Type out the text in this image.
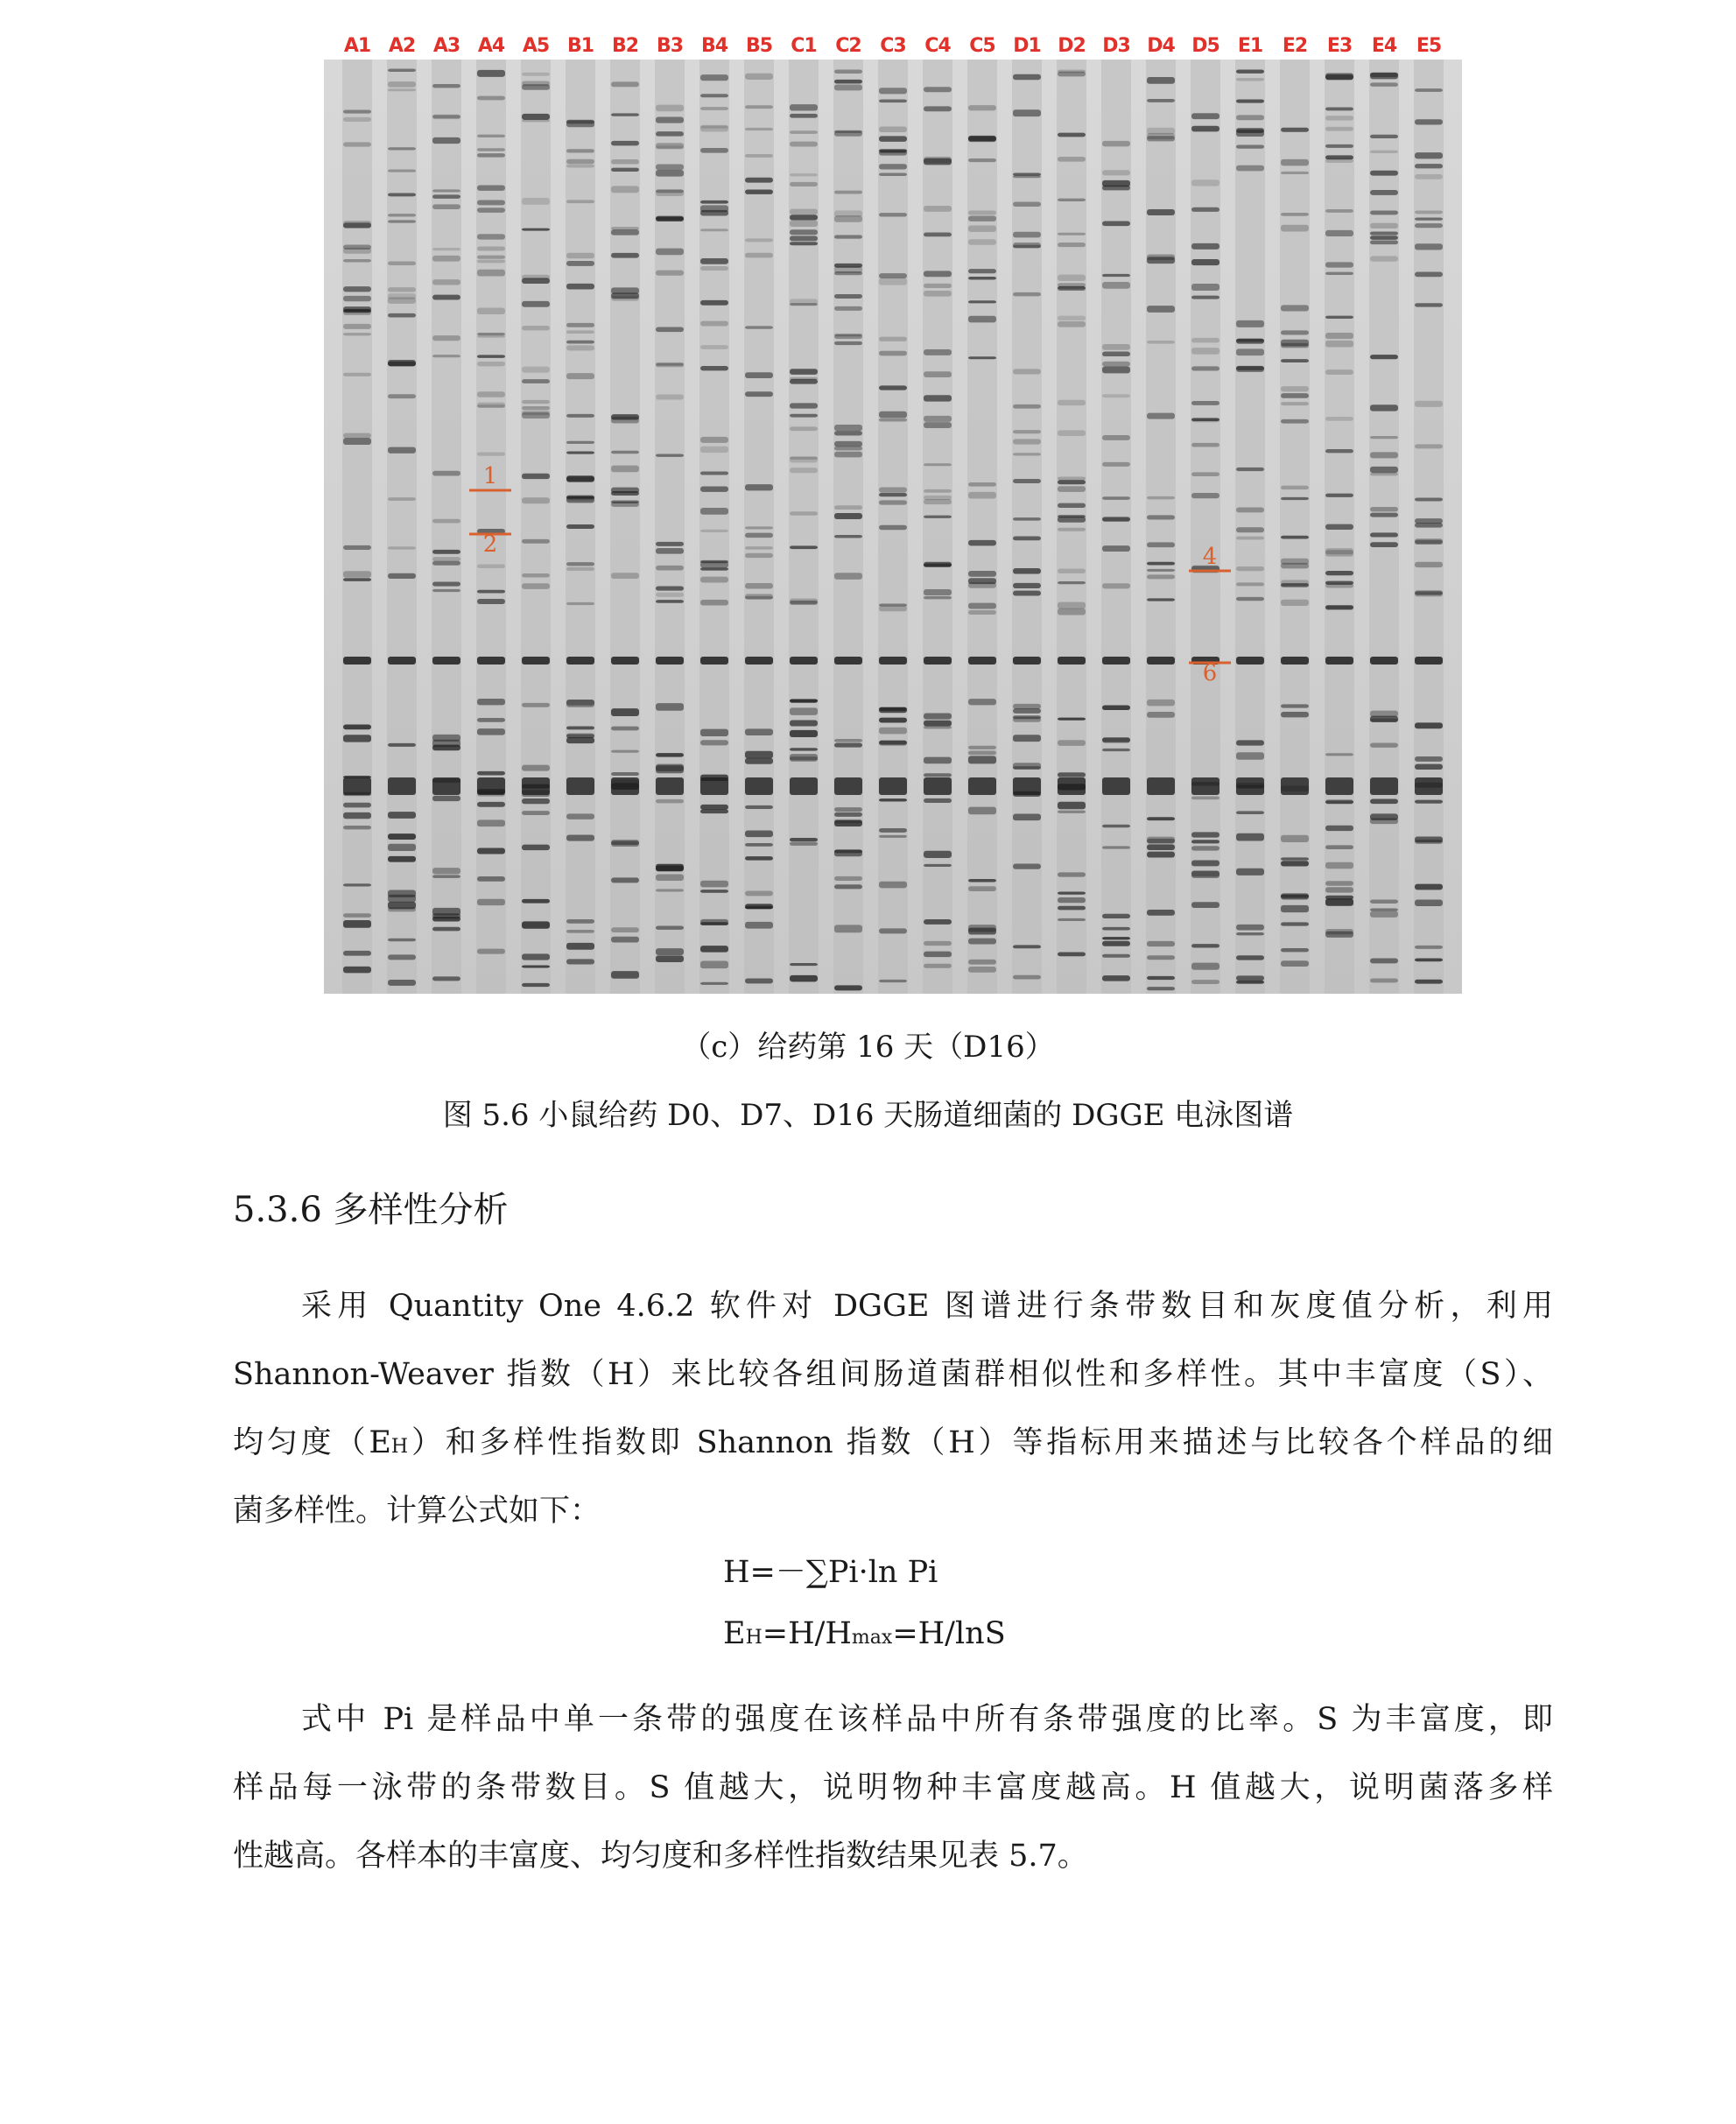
A1 A2 A3 A4 A5 B1 B2 B3 B4 B5 C1 C2 C3 C4 C5 D1 D2 D3 D4 D5 E1 E2 E3 E4 E5
1
2	4
6
（c）给药第 16 天（D16）
图 5.6 小鼠给药 D0、D7、D16 天肠道细菌的 DGGE 电泳图谱
5.3.6 多样性分析
采用 Quantity One 4.6.2 软件对 DGGE 图谱进行条带数目和灰度值分析，利用
Shannon-Weaver 指数（H）来比较各组间肠道菌群相似性和多样性。其中丰富度（S）、
均匀度（EH）和多样性指数即 Shannon 指数（H）等指标用来描述与比较各个样品的细
菌多样性。计算公式如下：
H=－∑Pi·ln Pi
EH=H/Hmax=H/lnS
式中 Pi 是样品中单一条带的强度在该样品中所有条带强度的比率。S 为丰富度，即
样品每一泳带的条带数目。S 值越大，说明物种丰富度越高。H 值越大，说明菌落多样
性越高。各样本的丰富度、均匀度和多样性指数结果见表 5.7。
